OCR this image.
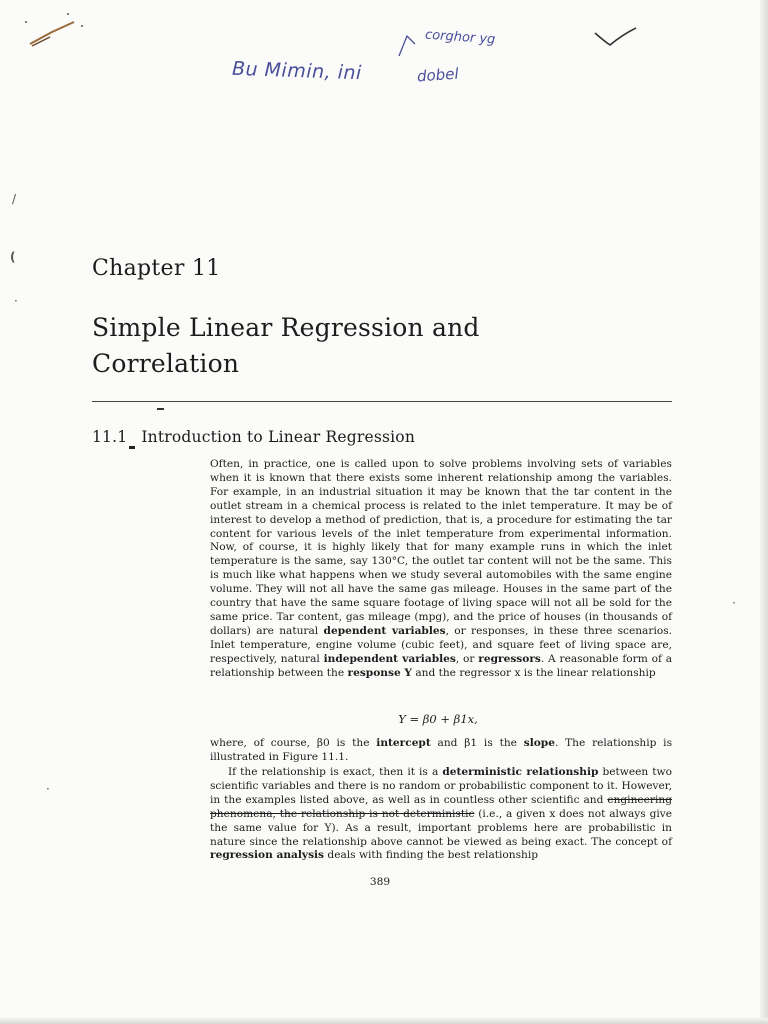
Bu Mimin, ini
corghor yg
dobel
/
(
·
·
·
Chapter 11
Simple Linear Regression and
Correlation
11.1 Introduction to Linear Regression

Often, in practice, one is called upon to solve problems involving sets of variables when it is known that there exists some inherent relationship among the variables. For example, in an industrial situation it may be known that the tar content in the outlet stream in a chemical process is related to the inlet temperature. It may be of interest to develop a method of prediction, that is, a procedure for estimating the tar content for various levels of the inlet temperature from experimental information. Now, of course, it is highly likely that for many example runs in which the inlet temperature is the same, say 130°C, the outlet tar content will not be the same. This is much like what happens when we study several automobiles with the same engine volume. They will not all have the same gas mileage. Houses in the same part of the country that have the same square footage of living space will not all be sold for the same price. Tar content, gas mileage (mpg), and the price of houses (in thousands of dollars) are natural dependent variables, or responses, in these three scenarios. Inlet temperature, engine volume (cubic feet), and square feet of living space are, respectively, natural independent variables, or regressors. A reasonable form of a relationship between the response Y and the regressor x is the linear relationship

Y = β0 + β1x,

where, of course, β0 is the intercept and β1 is the slope. The relationship is illustrated in Figure 11.1.

If the relationship is exact, then it is a deterministic relationship between two scientific variables and there is no random or probabilistic component to it. However, in the examples listed above, as well as in countless other scientific and engineering phenomena, the relationship is not deterministic (i.e., a given x does not always give the same value for Y). As a result, important problems here are probabilistic in nature since the relationship above cannot be viewed as being exact. The concept of regression analysis deals with finding the best relationship

389
